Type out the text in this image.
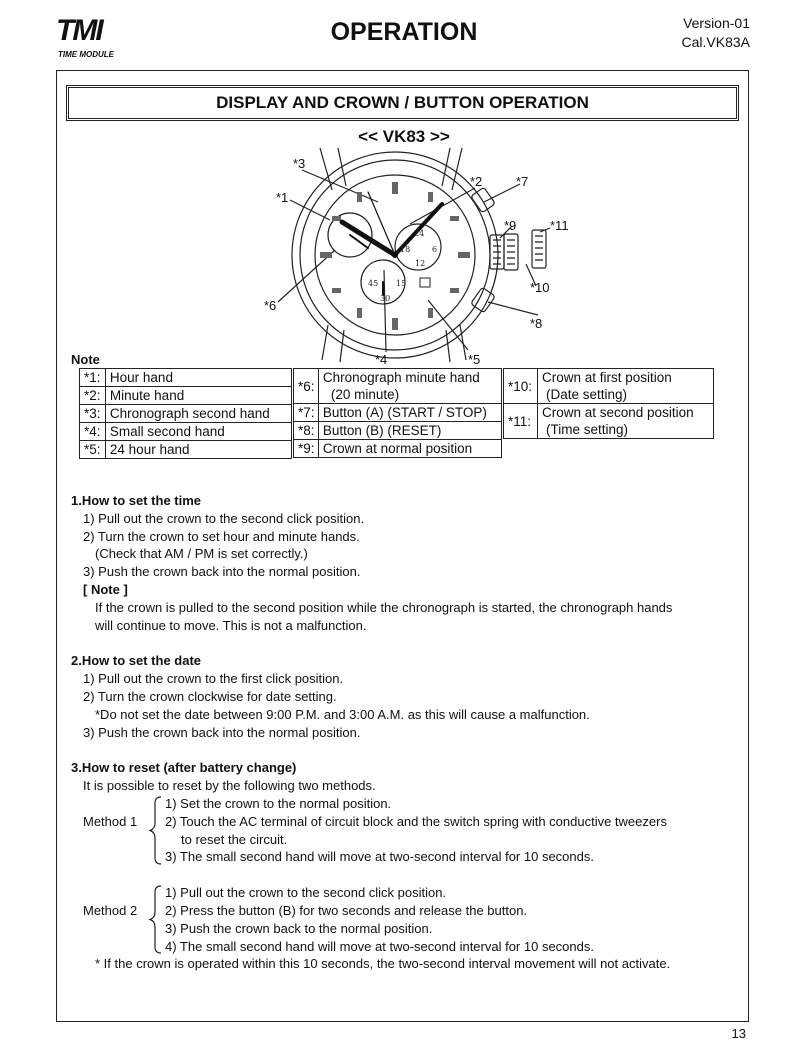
TMI
TIME MODULE
OPERATION	Version-01
Cal.VK83A
DISPLAY AND CROWN / BUTTON OPERATION
<< VK83 >>
24
18	6
12
15
45
30
*1
*2
*3
*4	*5
*6
*7
*8
*9
*10
*11
Note
*1:	Hour hand
*2:	Minute hand
*3:	Chronograph second hand
*4:	Small second hand
*5:	24 hour hand
*6:	Chronograph minute hand
	(20 minute)
*7:	Button (A) (START / STOP)
*8:	Button (B) (RESET)
*9:	Crown at normal position
*10:	Crown at first position
	(Date setting)
*11:	Crown at second position
	(Time setting)
1.How to set the time
1) Pull out the crown to the second click position.
2) Turn the crown to set hour and minute hands.
(Check that AM / PM is set correctly.)
3) Push the crown back into the normal position.
[ Note ]
If the crown is pulled to the second position while the chronograph is started, the chronograph hands
will continue to move. This is not a malfunction.
2.How to set the date
1) Pull out the crown to the first click position.
2) Turn the crown clockwise for date setting.
*Do not set the date between 9:00 P.M. and 3:00 A.M. as this will cause a malfunction.
3) Push the crown back into the normal position.
3.How to reset (after battery change)
It is possible to reset by the following two methods.
Method 1
1) Set the crown to the normal position.
2) Touch the AC terminal of circuit block and the switch spring with conductive tweezers
to reset the circuit.
3) The small second hand will move at two-second interval for 10 seconds.
Method 2
1) Pull out the crown to the second click position.
2) Press the button (B) for two seconds and release the button.
3) Push the crown back to the normal position.
4) The small second hand will move at two-second interval for 10 seconds.
* If the crown is operated within this 10 seconds, the two-second interval movement will not activate.
13
